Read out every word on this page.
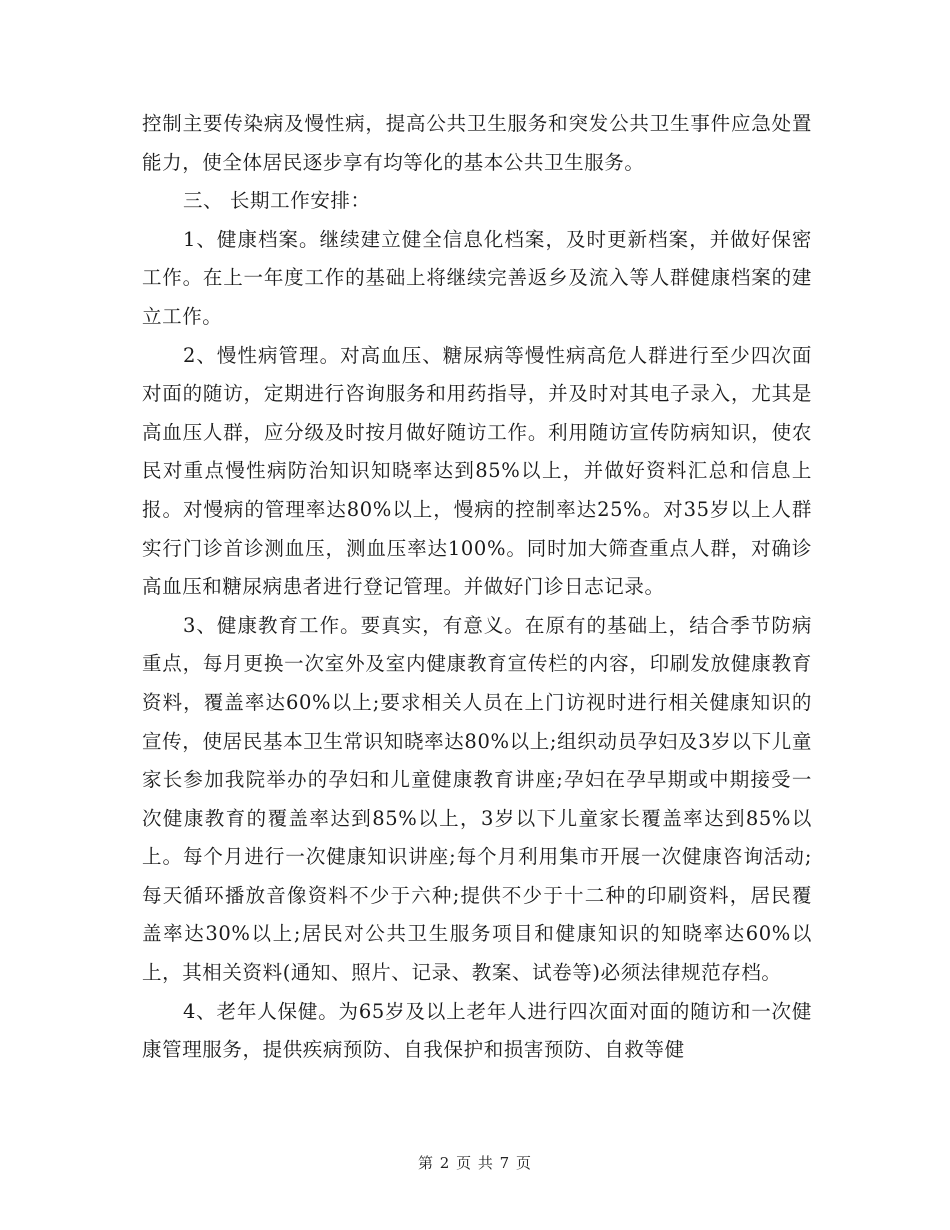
控制主要传染病及慢性病，提高公共卫生服务和突发公共卫生事件应急处置能力，使全体居民逐步享有均等化的基本公共卫生服务。

三、 长期工作安排：

1、健康档案。继续建立健全信息化档案，及时更新档案，并做好保密工作。在上一年度工作的基础上将继续完善返乡及流入等人群健康档案的建立工作。

2、慢性病管理。对高血压、糖尿病等慢性病高危人群进行至少四次面对面的随访，定期进行咨询服务和用药指导，并及时对其电子录入，尤其是高血压人群，应分级及时按月做好随访工作。利用随访宣传防病知识，使农民对重点慢性病防治知识知晓率达到85%以上，并做好资料汇总和信息上报。对慢病的管理率达80%以上，慢病的控制率达25%。对35岁以上人群实行门诊首诊测血压，测血压率达100%。同时加大筛查重点人群，对确诊高血压和糖尿病患者进行登记管理。并做好门诊日志记录。

3、健康教育工作。要真实，有意义。在原有的基础上，结合季节防病重点，每月更换一次室外及室内健康教育宣传栏的内容，印刷发放健康教育资料，覆盖率达60%以上;要求相关人员在上门访视时进行相关健康知识的宣传，使居民基本卫生常识知晓率达80%以上;组织动员孕妇及3岁以下儿童家长参加我院举办的孕妇和儿童健康教育讲座;孕妇在孕早期或中期接受一次健康教育的覆盖率达到85%以上，3岁以下儿童家长覆盖率达到85%以上。每个月进行一次健康知识讲座;每个月利用集市开展一次健康咨询活动;每天循环播放音像资料不少于六种;提供不少于十二种的印刷资料，居民覆盖率达30%以上;居民对公共卫生服务项目和健康知识的知晓率达60%以上，其相关资料(通知、照片、记录、教案、试卷等)必须法律规范存档。

4、老年人保健。为65岁及以上老年人进行四次面对面的随访和一次健康管理服务，提供疾病预防、自我保护和损害预防、自救等健

第 2 页 共 7 页
